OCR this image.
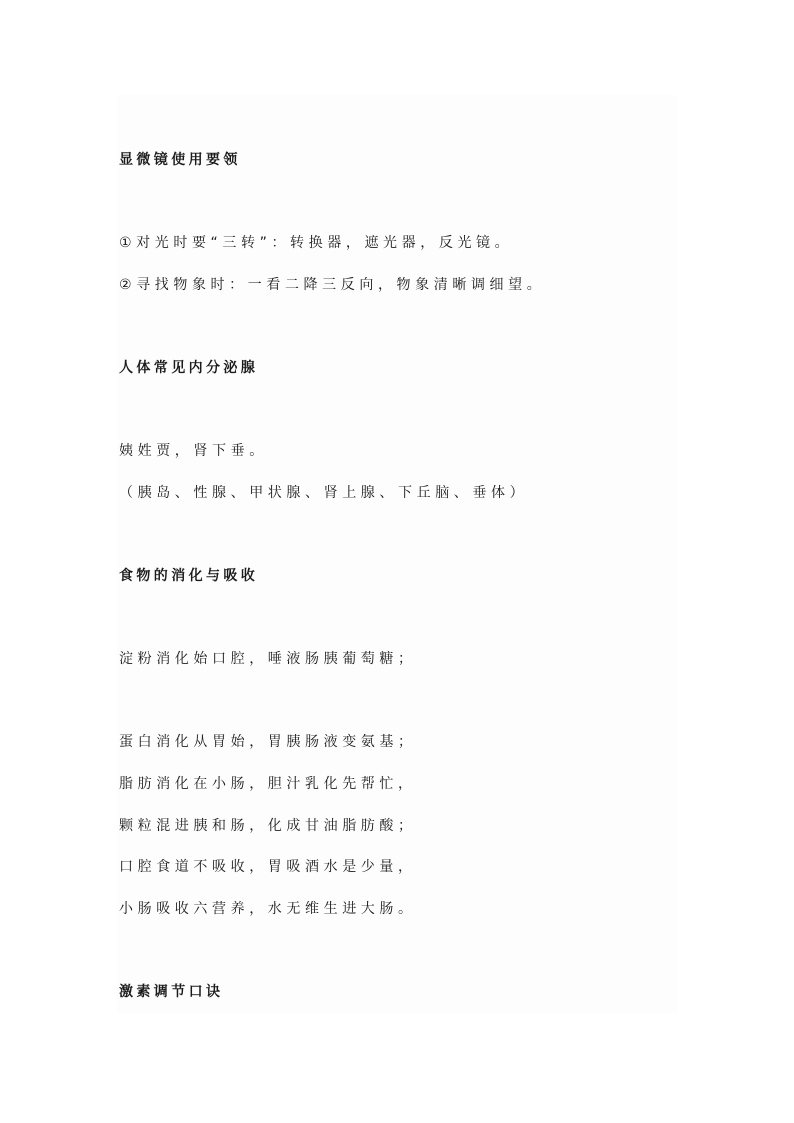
显微镜使用要领
①对光时要“三转”：转换器，遮光器，反光镜。
②寻找物象时：一看二降三反向，物象清晰调细望。
人体常见内分泌腺
姨姓贾，肾下垂。
（胰岛、性腺、甲状腺、肾上腺、下丘脑、垂体）
食物的消化与吸收
淀粉消化始口腔，唾液肠胰葡萄糖；
蛋白消化从胃始，胃胰肠液变氨基；
脂肪消化在小肠，胆汁乳化先帮忙，
颗粒混进胰和肠，化成甘油脂肪酸；
口腔食道不吸收，胃吸酒水是少量，
小肠吸收六营养，水无维生进大肠。
激素调节口诀
